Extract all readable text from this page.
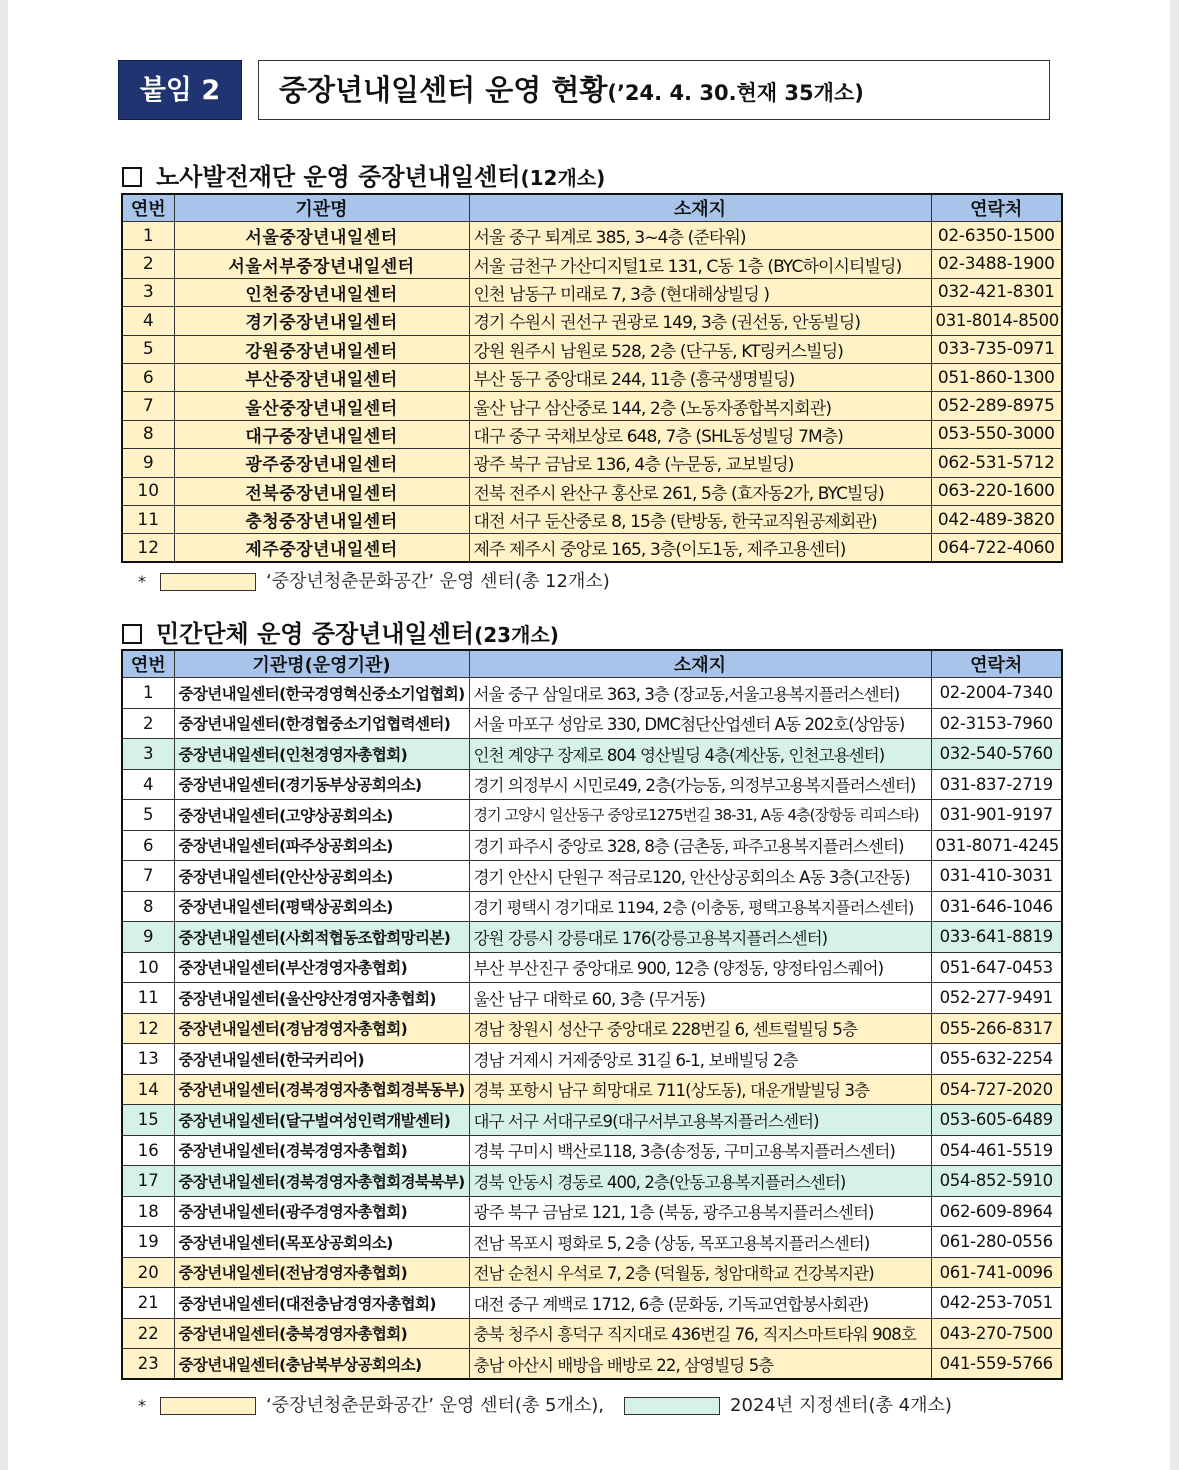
붙임 2	중장년내일센터 운영 현황(’24. 4. 30.현재 35개소)
노사발전재단 운영 중장년내일센터(12개소)
연번	기관명	소재지	연락처
1	서울중장년내일센터	서울 중구 퇴계로 385, 3~4층 (준타워)	02-6350-1500
2	서울서부중장년내일센터	서울 금천구 가산디지털1로 131, C동 1층 (BYC하이시티빌딩)	02-3488-1900
3	인천중장년내일센터	인천 남동구 미래로 7, 3층 (현대해상빌딩 )	032-421-8301
4	경기중장년내일센터	경기 수원시 권선구 권광로 149, 3층 (권선동, 안동빌딩)	031-8014-8500
5	강원중장년내일센터	강원 원주시 남원로 528, 2층 (단구동, KT링커스빌딩)	033-735-0971
6	부산중장년내일센터	부산 동구 중앙대로 244, 11층 (흥국생명빌딩)	051-860-1300
7	울산중장년내일센터	울산 남구 삼산중로 144, 2층 (노동자종합복지회관)	052-289-8975
8	대구중장년내일센터	대구 중구 국채보상로 648, 7층 (SHL동성빌딩 7M층)	053-550-3000
9	광주중장년내일센터	광주 북구 금남로 136, 4층 (누문동, 교보빌딩)	062-531-5712
10	전북중장년내일센터	전북 전주시 완산구 홍산로 261, 5층 (효자동2가, BYC빌딩)	063-220-1600
11	충청중장년내일센터	대전 서구 둔산중로 8, 15층 (탄방동, 한국교직원공제회관)	042-489-3820
12	제주중장년내일센터	제주 제주시 중앙로 165, 3층(이도1동, 제주고용센터)	064-722-4060
*	‘중장년청춘문화공간’ 운영 센터(총 12개소)
민간단체 운영 중장년내일센터(23개소)
연번	기관명(운영기관)	소재지	연락처
1	중장년내일센터(한국경영혁신중소기업협회)	서울 중구 삼일대로 363, 3층 (장교동,서울고용복지플러스센터)	02-2004-7340
2	중장년내일센터(한경협중소기업협력센터)	서울 마포구 성암로 330, DMC첨단산업센터 A동 202호(상암동)	02-3153-7960
3	중장년내일센터(인천경영자총협회)	인천 계양구 장제로 804 영산빌딩 4층(계산동, 인천고용센터)	032-540-5760
4	중장년내일센터(경기동부상공회의소)	경기 의정부시 시민로49, 2층(가능동, 의정부고용복지플러스센터)	031-837-2719
5	중장년내일센터(고양상공회의소)	경기 고양시 일산동구 중앙로1275번길 38-31, A동 4층(장항동 리피스타)	031-901-9197
6	중장년내일센터(파주상공회의소)	경기 파주시 중앙로 328, 8층 (금촌동, 파주고용복지플러스센터)	031-8071-4245
7	중장년내일센터(안산상공회의소)	경기 안산시 단원구 적금로120, 안산상공회의소 A동 3층(고잔동)	031-410-3031
8	중장년내일센터(평택상공회의소)	경기 평택시 경기대로 1194, 2층 (이충동, 평택고용복지플러스센터)	031-646-1046
9	중장년내일센터(사회적협동조합희망리본)	강원 강릉시 강릉대로 176(강릉고용복지플러스센터)	033-641-8819
10	중장년내일센터(부산경영자총협회)	부산 부산진구 중앙대로 900, 12층 (양정동, 양정타임스퀘어)	051-647-0453
11	중장년내일센터(울산양산경영자총협회)	울산 남구 대학로 60, 3층 (무거동)	052-277-9491
12	중장년내일센터(경남경영자총협회)	경남 창원시 성산구 중앙대로 228번길 6, 센트럴빌딩 5층	055-266-8317
13	중장년내일센터(한국커리어)	경남 거제시 거제중앙로 31길 6-1, 보배빌딩 2층	055-632-2254
14	중장년내일센터(경북경영자총협회경북동부)	경북 포항시 남구 희망대로 711(상도동), 대운개발빌딩 3층	054-727-2020
15	중장년내일센터(달구벌여성인력개발센터)	대구 서구 서대구로9(대구서부고용복지플러스센터)	053-605-6489
16	중장년내일센터(경북경영자총협회)	경북 구미시 백산로118, 3층(송정동, 구미고용복지플러스센터)	054-461-5519
17	중장년내일센터(경북경영자총협회경북북부)	경북 안동시 경동로 400, 2층(안동고용복지플러스센터)	054-852-5910
18	중장년내일센터(광주경영자총협회)	광주 북구 금남로 121, 1층 (북동, 광주고용복지플러스센터)	062-609-8964
19	중장년내일센터(목포상공회의소)	전남 목포시 평화로 5, 2층 (상동, 목포고용복지플러스센터)	061-280-0556
20	중장년내일센터(전남경영자총협회)	전남 순천시 우석로 7, 2층 (덕월동, 청암대학교 건강복지관)	061-741-0096
21	중장년내일센터(대전충남경영자총협회)	대전 중구 계백로 1712, 6층 (문화동, 기독교연합봉사회관)	042-253-7051
22	중장년내일센터(충북경영자총협회)	충북 청주시 흥덕구 직지대로 436번길 76, 직지스마트타워 908호	043-270-7500
23	중장년내일센터(충남북부상공회의소)	충남 아산시 배방읍 배방로 22, 삼영빌딩 5층	041-559-5766
*	‘중장년청춘문화공간’ 운영 센터(총 5개소),	2024년 지정센터(총 4개소)
